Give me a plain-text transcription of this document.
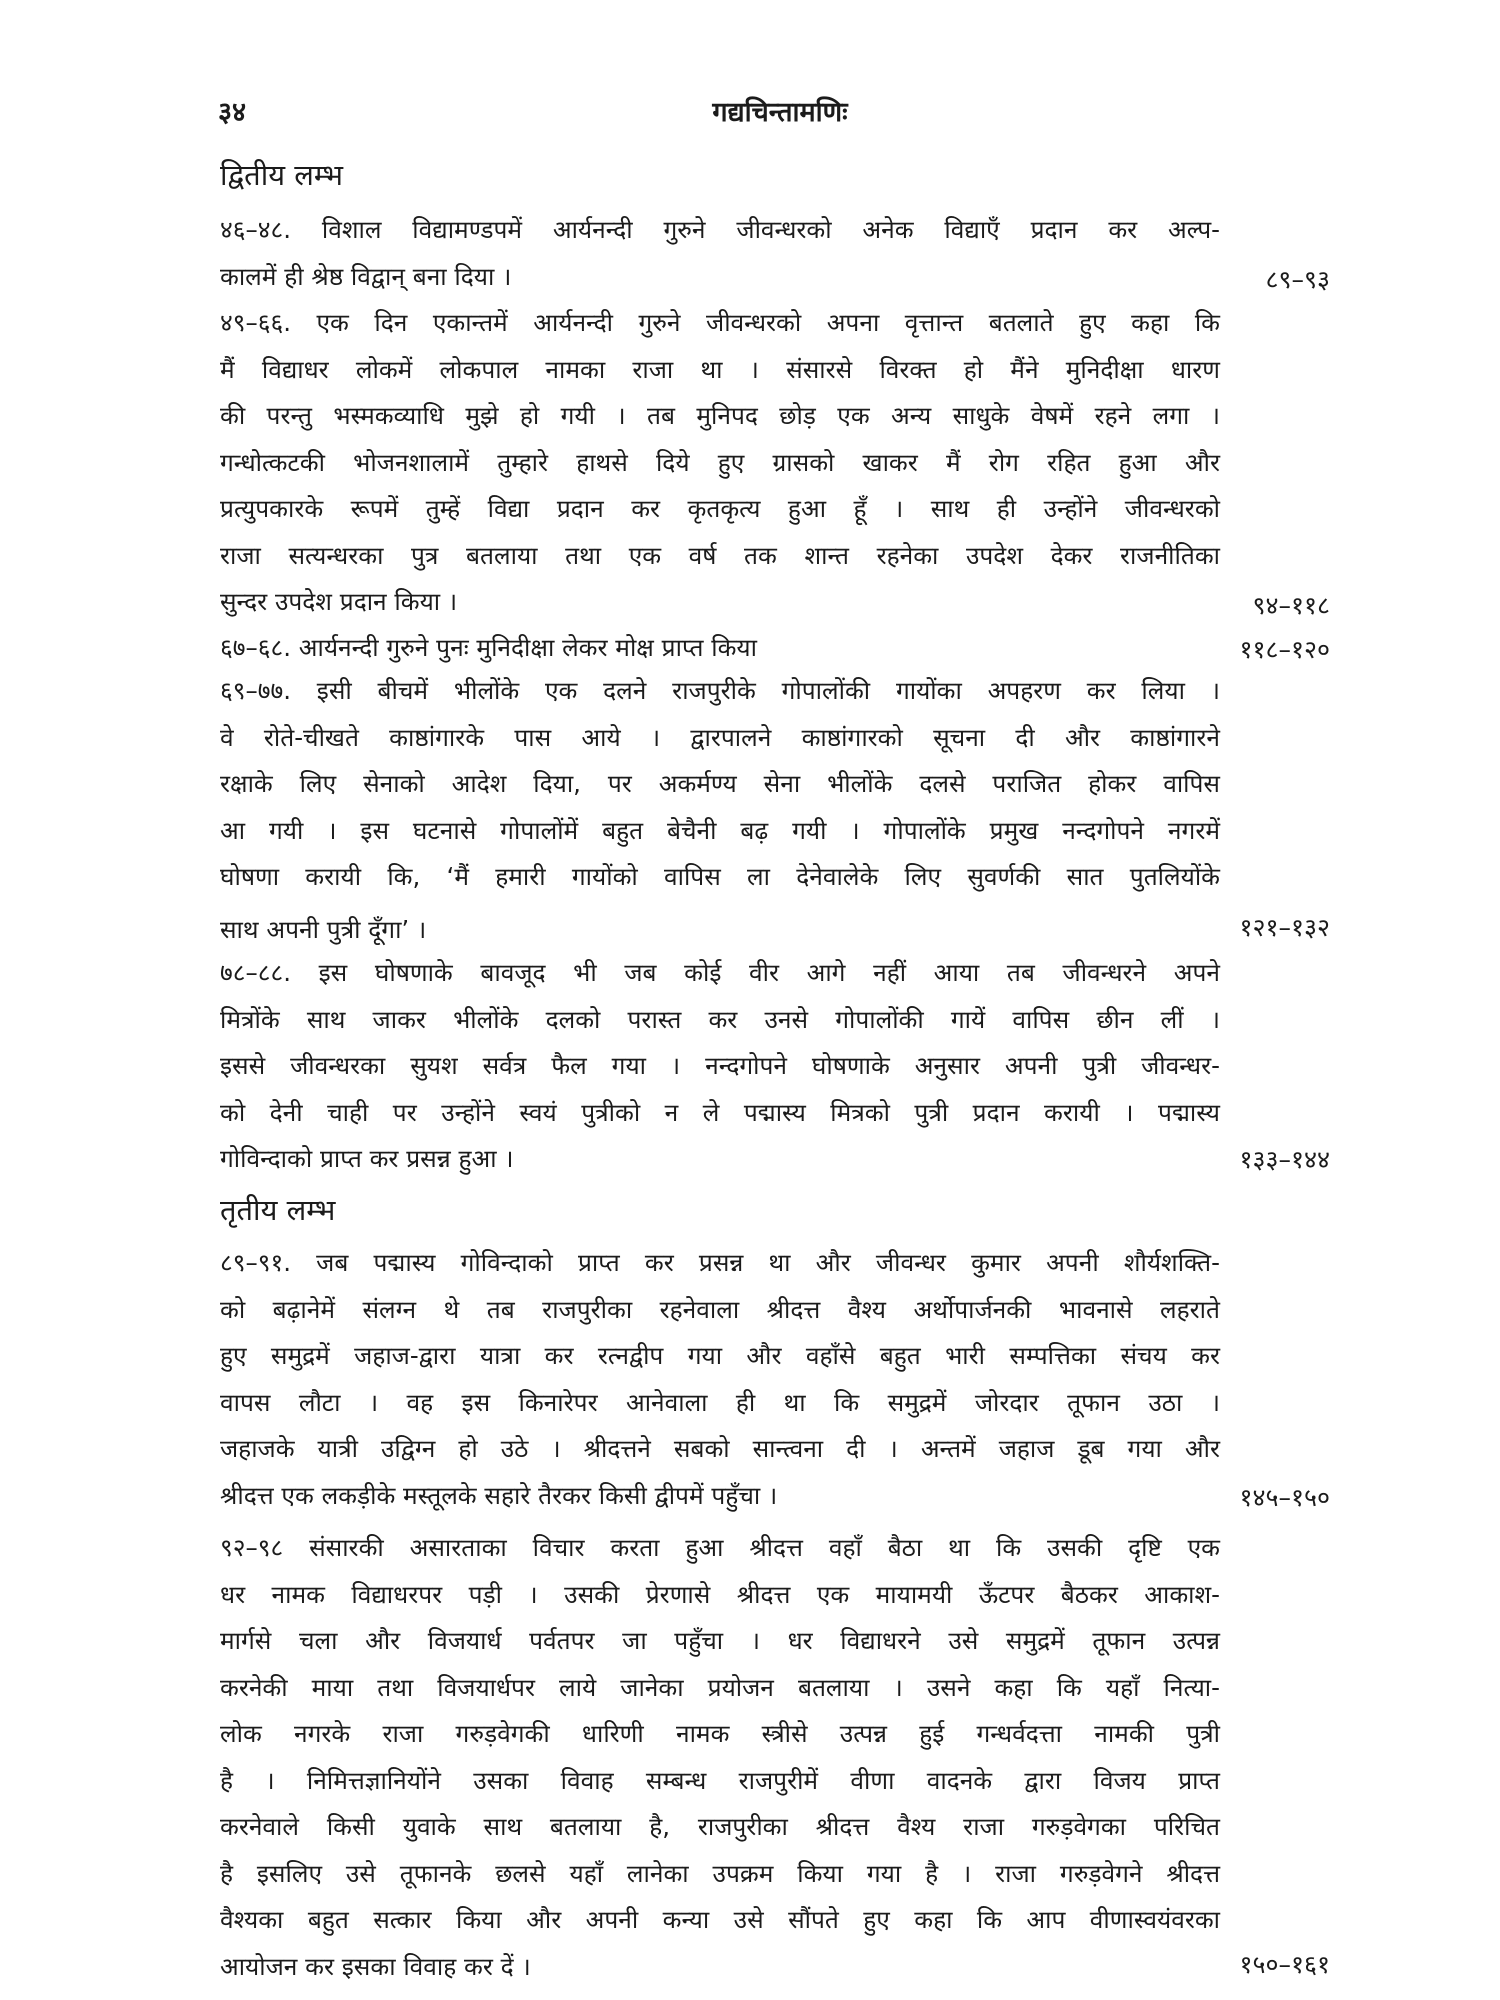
३४	गद्यचिन्तामणिः
द्वितीय लम्भ
४६–४८. विशाल विद्यामण्डपमें आर्यनन्दी गुरुने जीवन्धरको अनेक विद्याएँ प्रदान कर अल्प-
कालमें ही श्रेष्ठ विद्वान् बना दिया ।	८९–९३
४९–६६. एक दिन एकान्तमें आर्यनन्दी गुरुने जीवन्धरको अपना वृत्तान्त बतलाते हुए कहा कि
मैं विद्याधर लोकमें लोकपाल नामका राजा था । संसारसे विरक्त हो मैंने मुनिदीक्षा धारण
की परन्तु भस्मकव्याधि मुझे हो गयी । तब मुनिपद छोड़ एक अन्य साधुके वेषमें रहने लगा ।
गन्धोत्कटकी भोजनशालामें तुम्हारे हाथसे दिये हुए ग्रासको खाकर मैं रोग रहित हुआ और
प्रत्युपकारके रूपमें तुम्हें विद्या प्रदान कर कृतकृत्य हुआ हूँ । साथ ही उन्होंने जीवन्धरको
राजा सत्यन्धरका पुत्र बतलाया तथा एक वर्ष तक शान्त रहनेका उपदेश देकर राजनीतिका
सुन्दर उपदेश प्रदान किया ।	९४–११८
६७–६८. आर्यनन्दी गुरुने पुनः मुनिदीक्षा लेकर मोक्ष प्राप्त किया	११८–१२०
६९–७७. इसी बीचमें भीलोंके एक दलने राजपुरीके गोपालोंकी गायोंका अपहरण कर लिया ।
वे रोते-चीखते काष्ठांगारके पास आये । द्वारपालने काष्ठांगारको सूचना दी और काष्ठांगारने
रक्षाके लिए सेनाको आदेश दिया, पर अकर्मण्य सेना भीलोंके दलसे पराजित होकर वापिस
आ गयी । इस घटनासे गोपालोंमें बहुत बेचैनी बढ़ गयी । गोपालोंके प्रमुख नन्दगोपने नगरमें
घोषणा करायी कि, ‘मैं हमारी गायोंको वापिस ला देनेवालेके लिए सुवर्णकी सात पुतलियोंके
साथ अपनी पुत्री दूँगा’ ।	१२१–१३२
७८–८८. इस घोषणाके बावजूद भी जब कोई वीर आगे नहीं आया तब जीवन्धरने अपने
मित्रोंके साथ जाकर भीलोंके दलको परास्त कर उनसे गोपालोंकी गायें वापिस छीन लीं ।
इससे जीवन्धरका सुयश सर्वत्र फैल गया । नन्दगोपने घोषणाके अनुसार अपनी पुत्री जीवन्धर-
को देनी चाही पर उन्होंने स्वयं पुत्रीको न ले पद्मास्य मित्रको पुत्री प्रदान करायी । पद्मास्य
गोविन्दाको प्राप्त कर प्रसन्न हुआ ।	१३३–१४४
तृतीय लम्भ
८९–९१. जब पद्मास्य गोविन्दाको प्राप्त कर प्रसन्न था और जीवन्धर कुमार अपनी शौर्यशक्ति-
को बढ़ानेमें संलग्न थे तब राजपुरीका रहनेवाला श्रीदत्त वैश्य अर्थोपार्जनकी भावनासे लहराते
हुए समुद्रमें जहाज-द्वारा यात्रा कर रत्नद्वीप गया और वहाँसे बहुत भारी सम्पत्तिका संचय कर
वापस लौटा । वह इस किनारेपर आनेवाला ही था कि समुद्रमें जोरदार तूफान उठा ।
जहाजके यात्री उद्विग्न हो उठे । श्रीदत्तने सबको सान्त्वना दी । अन्तमें जहाज डूब गया और
श्रीदत्त एक लकड़ीके मस्तूलके सहारे तैरकर किसी द्वीपमें पहुँचा ।	१४५–१५०
९२–९८ संसारकी असारताका विचार करता हुआ श्रीदत्त वहाँ बैठा था कि उसकी दृष्टि एक
धर नामक विद्याधरपर पड़ी । उसकी प्रेरणासे श्रीदत्त एक मायामयी ऊँटपर बैठकर आकाश-
मार्गसे चला और विजयार्ध पर्वतपर जा पहुँचा । धर विद्याधरने उसे समुद्रमें तूफान उत्पन्न
करनेकी माया तथा विजयार्धपर लाये जानेका प्रयोजन बतलाया । उसने कहा कि यहाँ नित्या-
लोक नगरके राजा गरुड़वेगकी धारिणी नामक स्त्रीसे उत्पन्न हुई गन्धर्वदत्ता नामकी पुत्री
है । निमित्तज्ञानियोंने उसका विवाह सम्बन्ध राजपुरीमें वीणा वादनके द्वारा विजय प्राप्त
करनेवाले किसी युवाके साथ बतलाया है, राजपुरीका श्रीदत्त वैश्य राजा गरुड़वेगका परिचित
है इसलिए उसे तूफानके छलसे यहाँ लानेका उपक्रम किया गया है । राजा गरुड़वेगने श्रीदत्त
वैश्यका बहुत सत्कार किया और अपनी कन्या उसे सौंपते हुए कहा कि आप वीणास्वयंवरका
आयोजन कर इसका विवाह कर दें ।	१५०–१६१
